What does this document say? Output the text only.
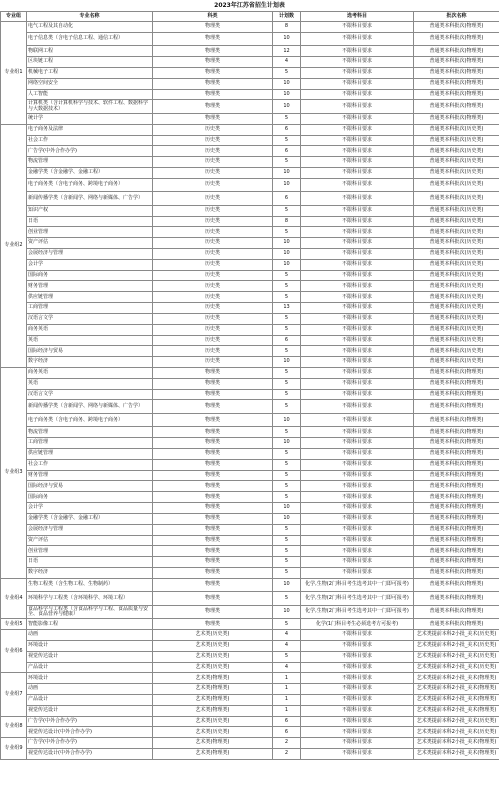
2023年江苏省招生计划表
专业组	专业名称	科类	计划数	选考科目	批次名称
专业组1	电气工程及其自动化	物理类	8	不限科目要求	普通类本科批次(物理类)
	电子信息类（含电子信息工程、通信工程）	物理类	10	不限科目要求	普通类本科批次(物理类)
	物联网工程	物理类	12	不限科目要求	普通类本科批次(物理类)
	区块链工程	物理类	4	不限科目要求	普通类本科批次(物理类)
	机械电子工程	物理类	5	不限科目要求	普通类本科批次(物理类)
	网络空间安全	物理类	10	不限科目要求	普通类本科批次(物理类)
	人工智能	物理类	10	不限科目要求	普通类本科批次(物理类)
	计算机类（含计算机科学与技术、软件工程、数据科学与大数据技术）	物理类	10	不限科目要求	普通类本科批次(物理类)
	统计学	物理类	5	不限科目要求	普通类本科批次(物理类)
专业组2	电子商务及法律	历史类	6	不限科目要求	普通类本科批次(历史类)
	社会工作	历史类	5	不限科目要求	普通类本科批次(历史类)
	广告学(中外合作办学)	历史类	6	不限科目要求	普通类本科批次(历史类)
	物流管理	历史类	5	不限科目要求	普通类本科批次(历史类)
	金融学类（含金融学、金融工程）	历史类	10	不限科目要求	普通类本科批次(历史类)
	电子商务类（含电子商务、跨境电子商务）	历史类	10	不限科目要求	普通类本科批次(历史类)
	新闻传播学类（含新闻学、网络与新媒体、广告学）	历史类	6	不限科目要求	普通类本科批次(历史类)
	知识产权	历史类	5	不限科目要求	普通类本科批次(历史类)
	日语	历史类	8	不限科目要求	普通类本科批次(历史类)
	创业管理	历史类	5	不限科目要求	普通类本科批次(历史类)
	资产评估	历史类	10	不限科目要求	普通类本科批次(历史类)
	会展经济与管理	历史类	10	不限科目要求	普通类本科批次(历史类)
	会计学	历史类	10	不限科目要求	普通类本科批次(历史类)
	国际商务	历史类	5	不限科目要求	普通类本科批次(历史类)
	财务管理	历史类	5	不限科目要求	普通类本科批次(历史类)
	供应链管理	历史类	5	不限科目要求	普通类本科批次(历史类)
	工商管理	历史类	13	不限科目要求	普通类本科批次(历史类)
	汉语言文学	历史类	5	不限科目要求	普通类本科批次(历史类)
	商务英语	历史类	5	不限科目要求	普通类本科批次(历史类)
	英语	历史类	6	不限科目要求	普通类本科批次(历史类)
	国际经济与贸易	历史类	5	不限科目要求	普通类本科批次(历史类)
	数字经济	历史类	10	不限科目要求	普通类本科批次(历史类)
专业组3	商务英语	物理类	5	不限科目要求	普通类本科批次(物理类)
	英语	物理类	5	不限科目要求	普通类本科批次(物理类)
	汉语言文学	物理类	5	不限科目要求	普通类本科批次(物理类)
	新闻传播学类（含新闻学、网络与新媒体、广告学）	物理类	5	不限科目要求	普通类本科批次(物理类)
	电子商务类（含电子商务、跨境电子商务）	物理类	10	不限科目要求	普通类本科批次(物理类)
	物流管理	物理类	5	不限科目要求	普通类本科批次(物理类)
	工商管理	物理类	10	不限科目要求	普通类本科批次(物理类)
	供应链管理	物理类	5	不限科目要求	普通类本科批次(物理类)
	社会工作	物理类	5	不限科目要求	普通类本科批次(物理类)
	财务管理	物理类	5	不限科目要求	普通类本科批次(物理类)
	国际经济与贸易	物理类	5	不限科目要求	普通类本科批次(物理类)
	国际商务	物理类	5	不限科目要求	普通类本科批次(物理类)
	会计学	物理类	10	不限科目要求	普通类本科批次(物理类)
	金融学类（含金融学、金融工程）	物理类	10	不限科目要求	普通类本科批次(物理类)
	会展经济与管理	物理类	5	不限科目要求	普通类本科批次(物理类)
	资产评估	物理类	5	不限科目要求	普通类本科批次(物理类)
	创业管理	物理类	5	不限科目要求	普通类本科批次(物理类)
	日语	物理类	5	不限科目要求	普通类本科批次(物理类)
	数字经济	物理类	5	不限科目要求	普通类本科批次(物理类)
专业组4	生物工程类（含生物工程、生物制药）	物理类	10	化学,生物(2门科目考生选考其中一门即可报考)	普通类本科批次(物理类)
	环境科学与工程类（含环境科学、环境工程）	物理类	5	化学,生物(2门科目考生选考其中一门即可报考)	普通类本科批次(物理类)
	食品科学与工程类（含食品科学与工程、食品质量与安全、食品营养与健康）	物理类	10	化学,生物(2门科目考生选考其中一门即可报考)	普通类本科批次(物理类)
专业组5	智能影像工程	物理类	5	化学(1门科目考生必须选考方可报考)	普通类本科批次(物理类)
专业组6	动画	艺术类(历史类)	4	不限科目要求	艺术类提前本科2小批_美术(历史类)
	环境设计	艺术类(历史类)	4	不限科目要求	艺术类提前本科2小批_美术(历史类)
	视觉传达设计	艺术类(历史类)	5	不限科目要求	艺术类提前本科2小批_美术(历史类)
	产品设计	艺术类(历史类)	4	不限科目要求	艺术类提前本科2小批_美术(历史类)
专业组7	环境设计	艺术类(物理类)	1	不限科目要求	艺术类提前本科2小批_美术(物理类)
	动画	艺术类(物理类)	1	不限科目要求	艺术类提前本科2小批_美术(物理类)
	产品设计	艺术类(物理类)	1	不限科目要求	艺术类提前本科2小批_美术(物理类)
	视觉传达设计	艺术类(物理类)	1	不限科目要求	艺术类提前本科2小批_美术(物理类)
专业组8	广告学(中外合作办学)	艺术类(历史类)	6	不限科目要求	艺术类提前本科2小批_美术(历史类)
	视觉传达设计(中外合作办学)	艺术类(历史类)	6	不限科目要求	艺术类提前本科2小批_美术(历史类)
专业组9	广告学(中外合作办学)	艺术类(物理类)	2	不限科目要求	艺术类提前本科2小批_美术(物理类)
	视觉传达设计(中外合作办学)	艺术类(物理类)	2	不限科目要求	艺术类提前本科2小批_美术(物理类)
